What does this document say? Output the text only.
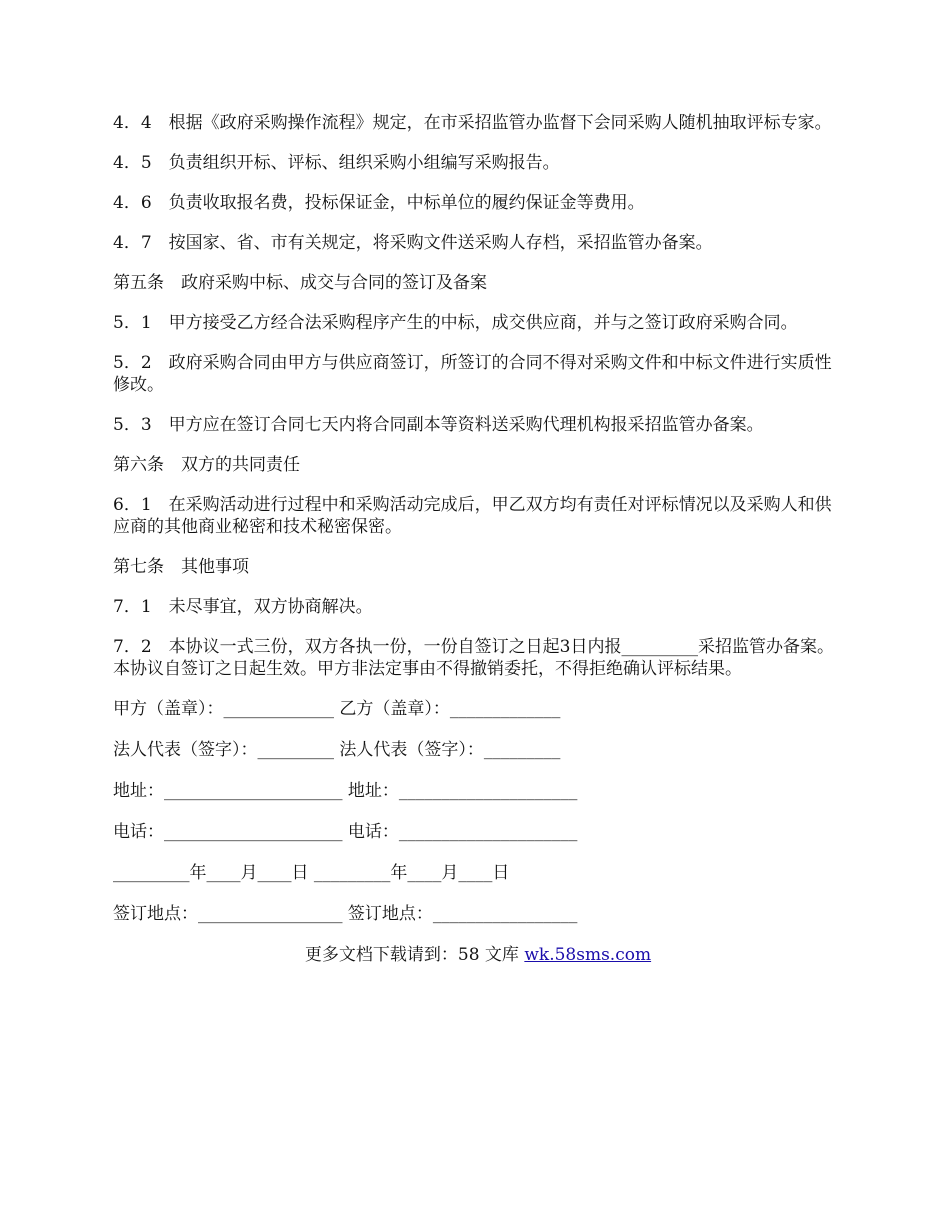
4．4　根据《政府采购操作流程》规定，在市采招监管办监督下会同采购人随机抽取评标专家。

4．5　负责组织开标、评标、组织采购小组编写采购报告。

4．6　负责收取报名费，投标保证金，中标单位的履约保证金等费用。

4．7　按国家、省、市有关规定，将采购文件送采购人存档，采招监管办备案。

第五条　政府采购中标、成交与合同的签订及备案

5．1　甲方接受乙方经合法采购程序产生的中标，成交供应商，并与之签订政府采购合同。

5．2　政府采购合同由甲方与供应商签订，所签订的合同不得对采购文件和中标文件进行实质性修改。

5．3　甲方应在签订合同七天内将合同副本等资料送采购代理机构报采招监管办备案。

第六条　双方的共同责任

6．1　在采购活动进行过程中和采购活动完成后，甲乙双方均有责任对评标情况以及采购人和供应商的其他商业秘密和技术秘密保密。

第七条　其他事项

7．1　未尽事宜，双方协商解决。

7．2　本协议一式三份，双方各执一份，一份自签订之日起3日内报_________采招监管办备案。本协议自签订之日起生效。甲方非法定事由不得撤销委托，不得拒绝确认评标结果。

甲方（盖章）：_____________ 乙方（盖章）：_____________
法人代表（签字）：_________ 法人代表（签字）：_________
地址：_____________________ 地址：_____________________
电话：_____________________ 电话：_____________________
_________年____月____日 _________年____月____日
签订地点：_________________ 签订地点：_________________
更多文档下载请到：58 文库 wk.58sms.com
